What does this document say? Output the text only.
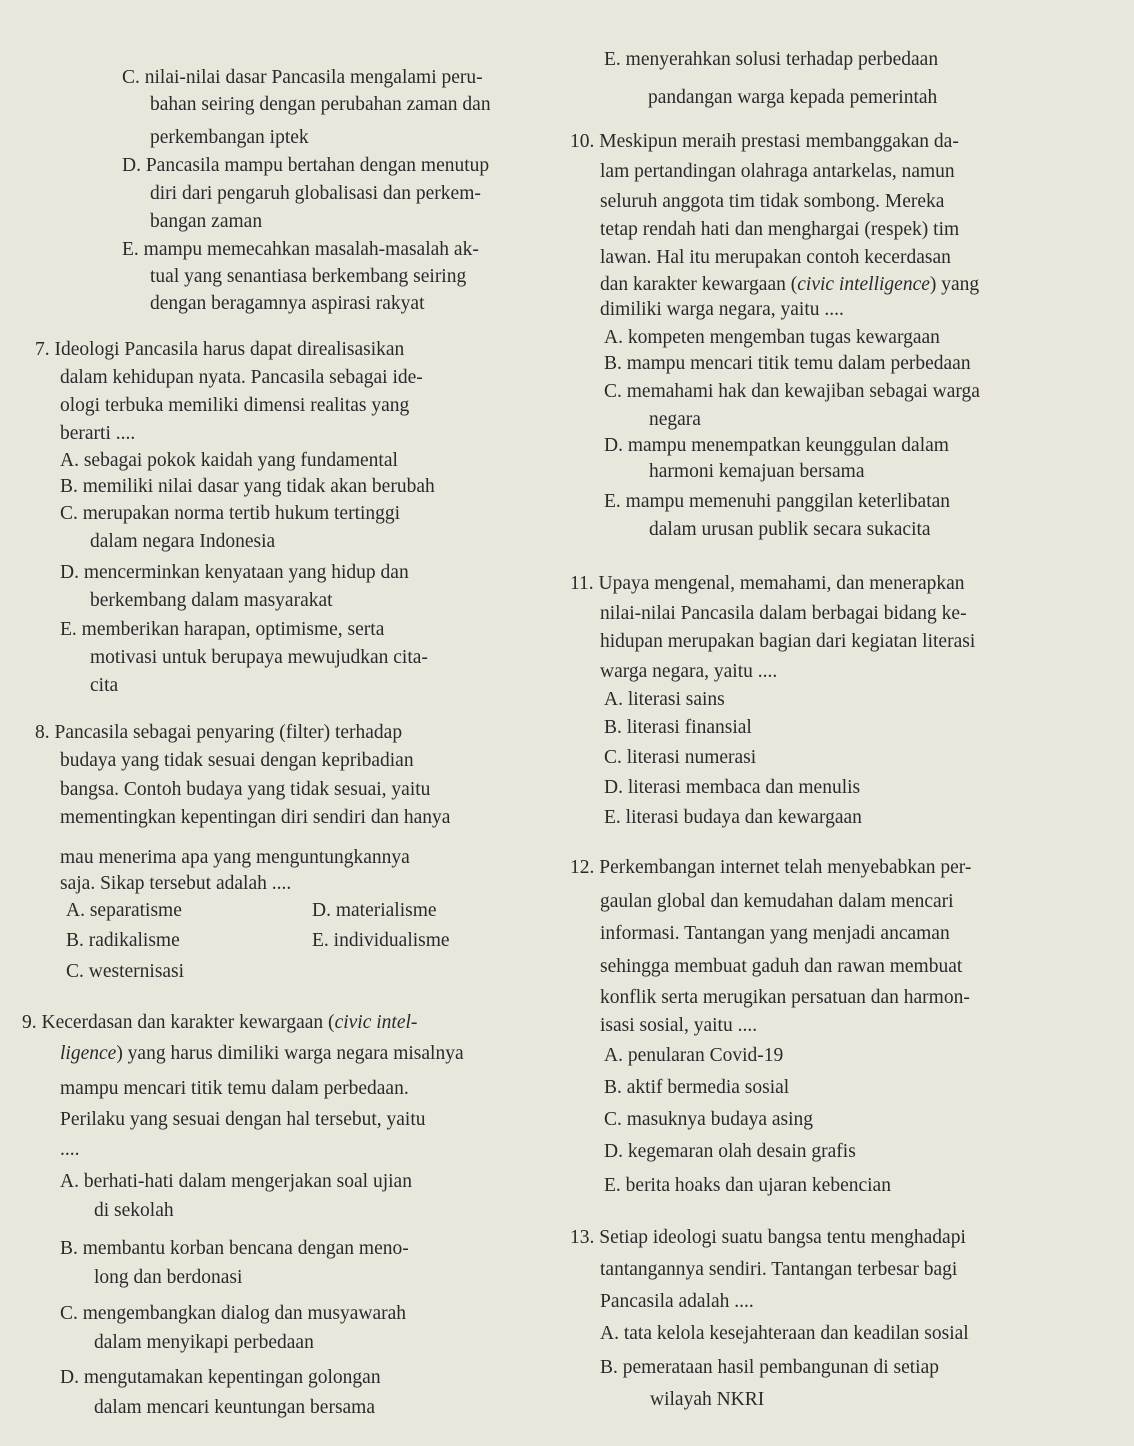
C. nilai-nilai dasar Pancasila mengalami peru-
bahan seiring dengan perubahan zaman dan
perkembangan iptek
D. Pancasila mampu bertahan dengan menutup
diri dari pengaruh globalisasi dan perkem-
bangan zaman
E. mampu memecahkan masalah-masalah ak-
tual yang senantiasa berkembang seiring
dengan beragamnya aspirasi rakyat
7. Ideologi Pancasila harus dapat direalisasikan
dalam kehidupan nyata. Pancasila sebagai ide-
ologi terbuka memiliki dimensi realitas yang
berarti ....
A. sebagai pokok kaidah yang fundamental
B. memiliki nilai dasar yang tidak akan berubah
C. merupakan norma tertib hukum tertinggi
dalam negara Indonesia
D. mencerminkan kenyataan yang hidup dan
berkembang dalam masyarakat
E. memberikan harapan, optimisme, serta
motivasi untuk berupaya mewujudkan cita-
cita
8. Pancasila sebagai penyaring (filter) terhadap
budaya yang tidak sesuai dengan kepribadian
bangsa. Contoh budaya yang tidak sesuai, yaitu
mementingkan kepentingan diri sendiri dan hanya
mau menerima apa yang menguntungkannya
saja. Sikap tersebut adalah ....
A. separatisme	D. materialisme
B. radikalisme	E. individualisme
C. westernisasi
9. Kecerdasan dan karakter kewargaan (civic intel-
ligence) yang harus dimiliki warga negara misalnya
mampu mencari titik temu dalam perbedaan.
Perilaku yang sesuai dengan hal tersebut, yaitu
....
A. berhati-hati dalam mengerjakan soal ujian
di sekolah
B. membantu korban bencana dengan meno-
long dan berdonasi
C. mengembangkan dialog dan musyawarah
dalam menyikapi perbedaan
D. mengutamakan kepentingan golongan
dalam mencari keuntungan bersama
E. menyerahkan solusi terhadap perbedaan
pandangan warga kepada pemerintah
10. Meskipun meraih prestasi membanggakan da-
lam pertandingan olahraga antarkelas, namun
seluruh anggota tim tidak sombong. Mereka
tetap rendah hati dan menghargai (respek) tim
lawan. Hal itu merupakan contoh kecerdasan
dan karakter kewargaan (civic intelligence) yang
dimiliki warga negara, yaitu ....
A. kompeten mengemban tugas kewargaan
B. mampu mencari titik temu dalam perbedaan
C. memahami hak dan kewajiban sebagai warga
negara
D. mampu menempatkan keunggulan dalam
harmoni kemajuan bersama
E. mampu memenuhi panggilan keterlibatan
dalam urusan publik secara sukacita
11. Upaya mengenal, memahami, dan menerapkan
nilai-nilai Pancasila dalam berbagai bidang ke-
hidupan merupakan bagian dari kegiatan literasi
warga negara, yaitu ....
A. literasi sains
B. literasi finansial
C. literasi numerasi
D. literasi membaca dan menulis
E. literasi budaya dan kewargaan
12. Perkembangan internet telah menyebabkan per-
gaulan global dan kemudahan dalam mencari
informasi. Tantangan yang menjadi ancaman
sehingga membuat gaduh dan rawan membuat
konflik serta merugikan persatuan dan harmon-
isasi sosial, yaitu ....
A. penularan Covid-19
B. aktif bermedia sosial
C. masuknya budaya asing
D. kegemaran olah desain grafis
E. berita hoaks dan ujaran kebencian
13. Setiap ideologi suatu bangsa tentu menghadapi
tantangannya sendiri. Tantangan terbesar bagi
Pancasila adalah ....
A. tata kelola kesejahteraan dan keadilan sosial
B. pemerataan hasil pembangunan di setiap
wilayah NKRI
